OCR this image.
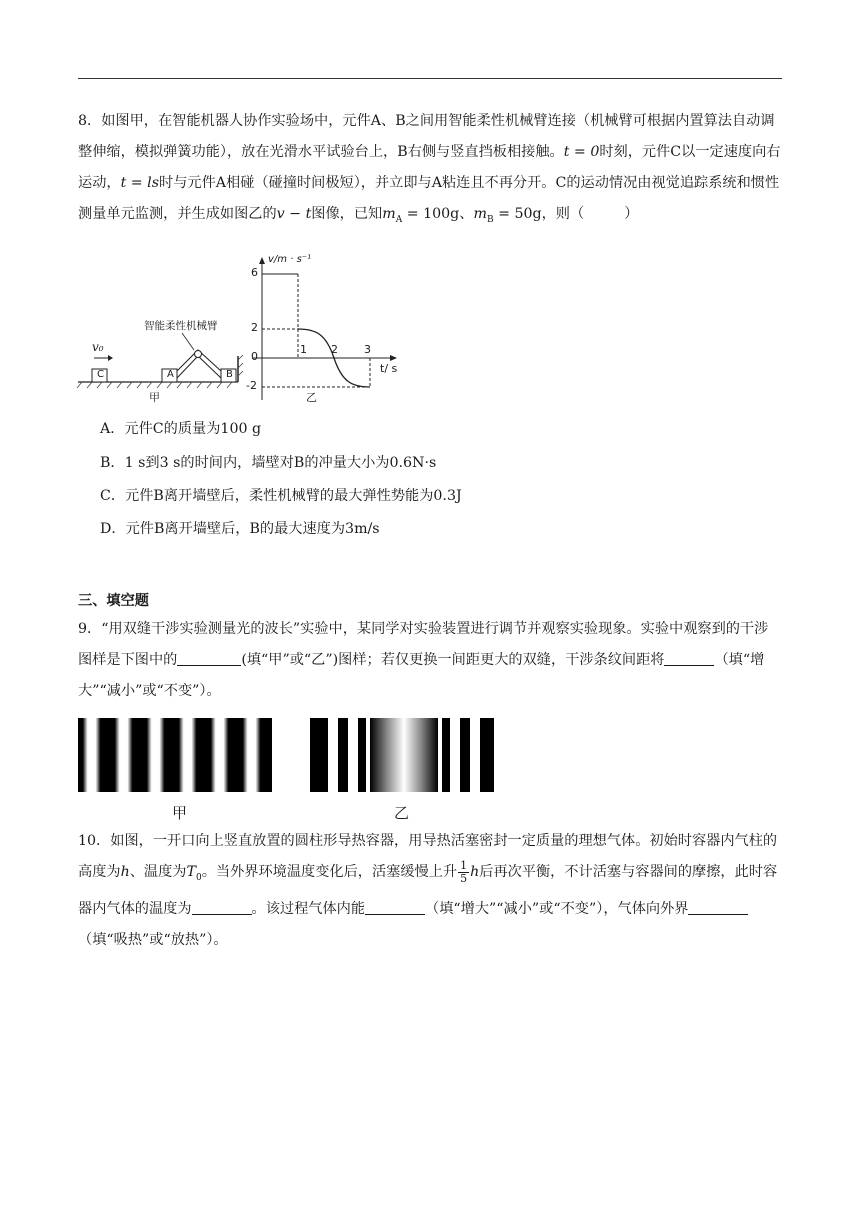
8．如图甲，在智能机器人协作实验场中，元件A、B之间用智能柔性机械臂连接（机械臂可根据内置算法自动调整伸缩，模拟弹簧功能），放在光滑水平试验台上，B右侧与竖直挡板相接触。t = 0时刻，元件C以一定速度向右运动，t = ls时与元件A相碰（碰撞时间极短），并立即与A粘连且不再分开。C的运动情况由视觉追踪系统和惯性测量单元监测，并生成如图乙的v − t图像，已知$m_A = 100g$、$m_B = 50g$，则（	）
v₀
智能柔性机械臂
C	A	B
甲
v/m · s⁻¹
t/ s
6
2
0
-2
1 2 3
乙
A．元件C的质量为100 g
B．1 s到3 s的时间内，墙壁对B的冲量大小为0.6N·s
C．元件B离开墙壁后，柔性机械臂的最大弹性势能为0.3J
D．元件B离开墙壁后，B的最大速度为3m/s
三、填空题
9．“用双缝干涉实验测量光的波长”实验中，某同学对实验装置进行调节并观察实验现象。实验中观察到的干涉图样是下图中的	(填“甲”或“乙”)图样；若仅更换一间距更大的双缝，干涉条纹间距将	（填“增大”“减小”或“不变”）。
甲	乙
10．如图，一开口向上竖直放置的圆柱形导热容器，用导热活塞密封一定质量的理想气体。初始时容器内气柱的高度为h、温度为$T_0$。当外界环境温度变化后，活塞缓慢上升 $\frac{1}{5}$ h后再次平衡，不计活塞与容器间的摩擦，此时容器内气体的温度为	。该过程气体内能	（填“增大”“减小”或“不变”），气体向外界（填“吸热”或“放热”）。
